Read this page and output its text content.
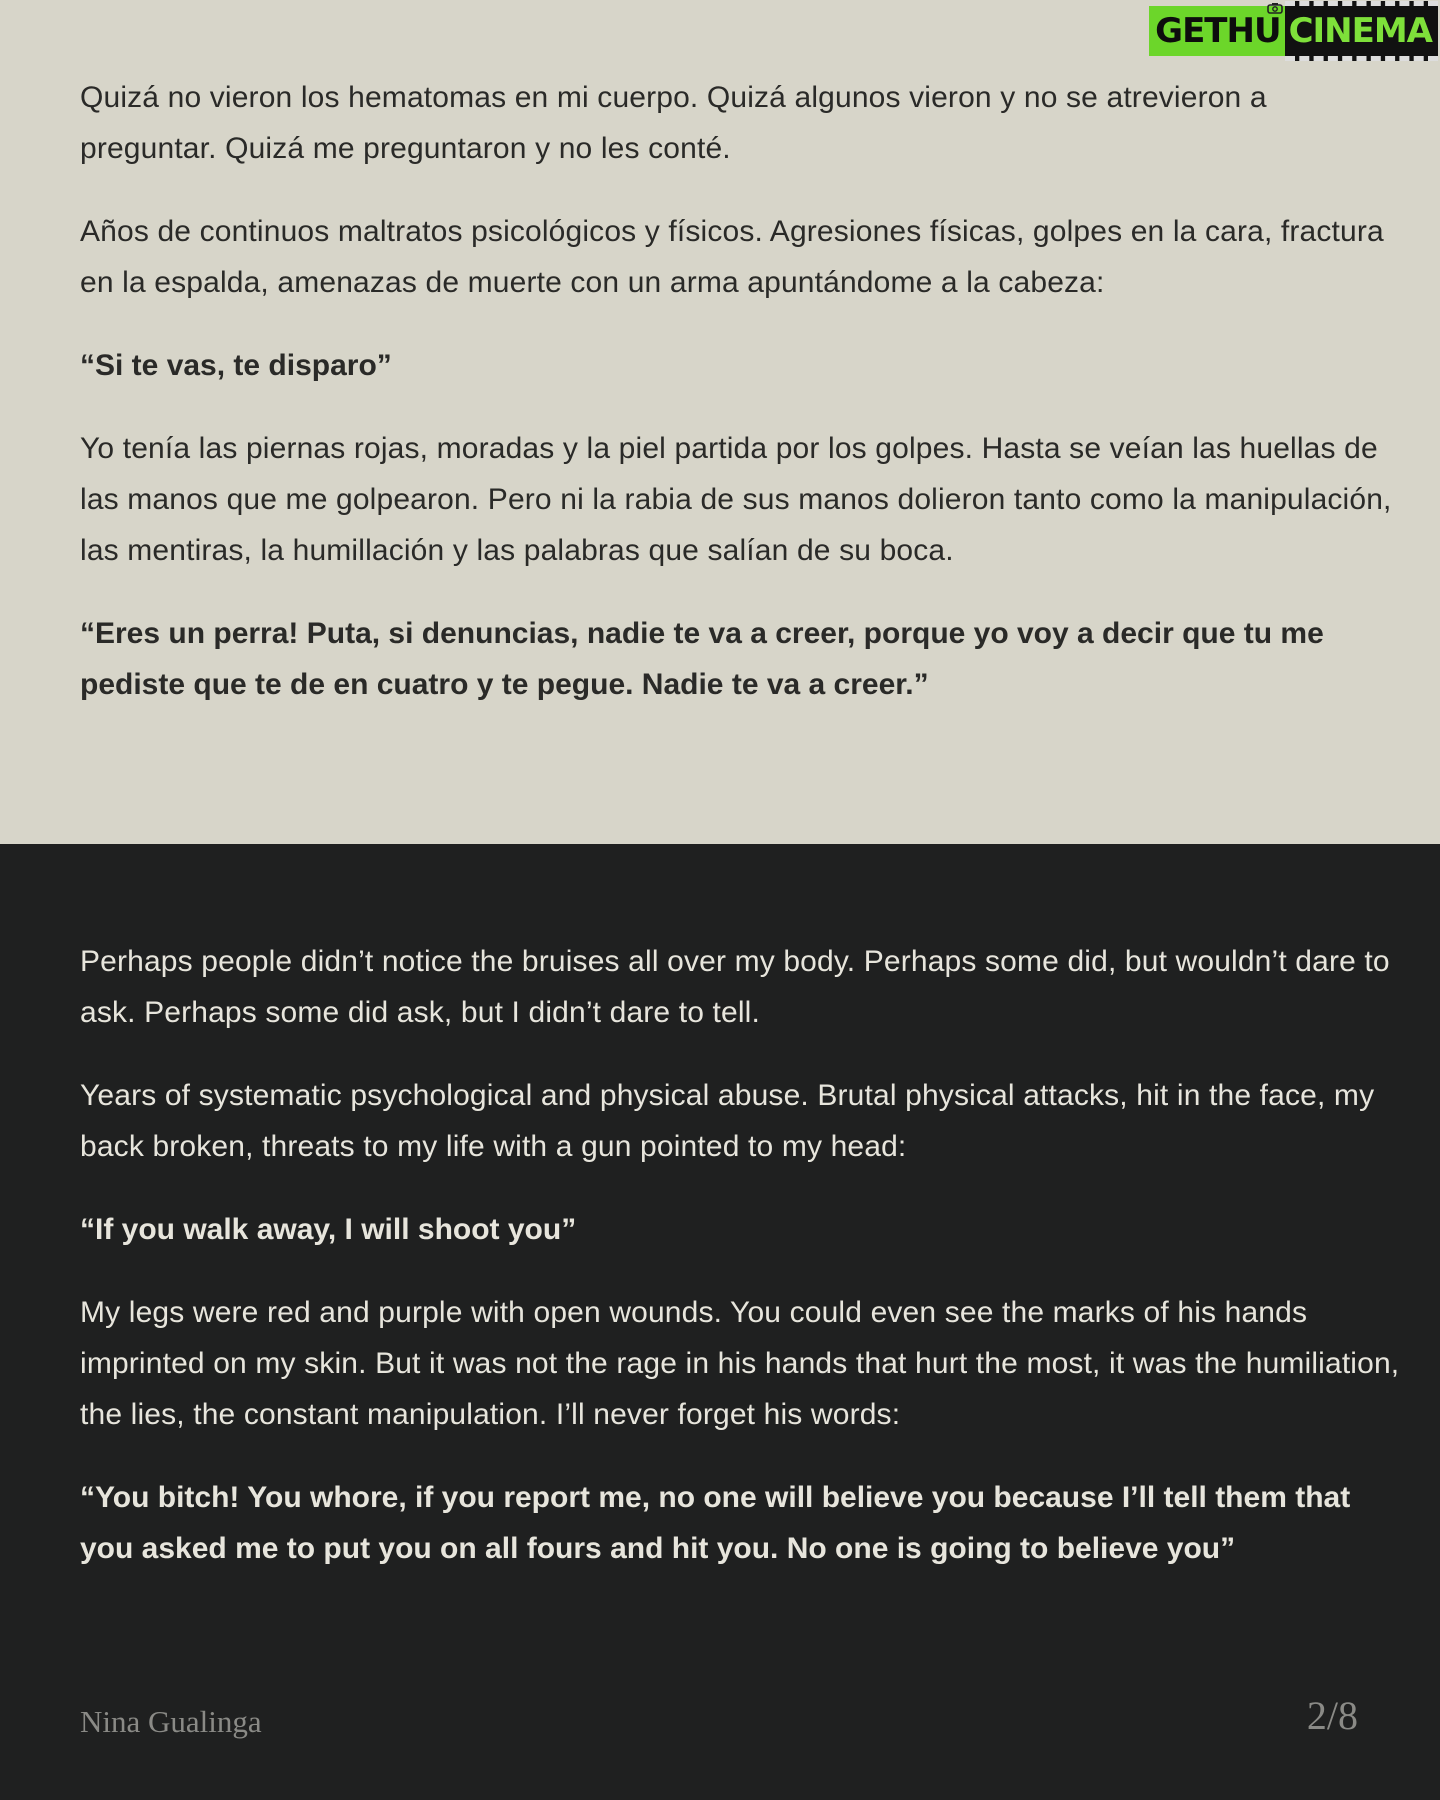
Quizá no vieron los hematomas en mi cuerpo. Quizá algunos vieron y no se atrevieron a preguntar. Quizá me preguntaron y no les conté.

Años de continuos maltratos psicológicos y físicos. Agresiones físicas, golpes en la cara, fractura en la espalda, amenazas de muerte con un arma apuntándome a la cabeza:

“Si te vas, te disparo”

Yo tenía las piernas rojas, moradas y la piel partida por los golpes. Hasta se veían las huellas de las manos que me golpearon. Pero ni la rabia de sus manos dolieron tanto como la manipulación, las mentiras, la humillación y las palabras que salían de su boca.

“Eres un perra! Puta, si denuncias, nadie te va a creer, porque yo voy a decir que tu me pediste que te de en cuatro y te pegue. Nadie te va a creer.”

Perhaps people didn’t notice the bruises all over my body. Perhaps some did, but wouldn’t dare to ask. Perhaps some did ask, but I didn’t dare to tell.

Years of systematic psychological and physical abuse. Brutal physical attacks, hit in the face, my back broken, threats to my life with a gun pointed to my head:

“If you walk away, I will shoot you”

My legs were red and purple with open wounds. You could even see the marks of his hands imprinted on my skin. But it was not the rage in his hands that hurt the most, it was the humiliation, the lies, the constant manipulation. I’ll never forget his words:

“You bitch! You whore, if you report me, no one will believe you because I’ll tell them that you asked me to put you on all fours and hit you. No one is going to believe you”

Nina Gualinga	2/8
GETHU CINEMA
